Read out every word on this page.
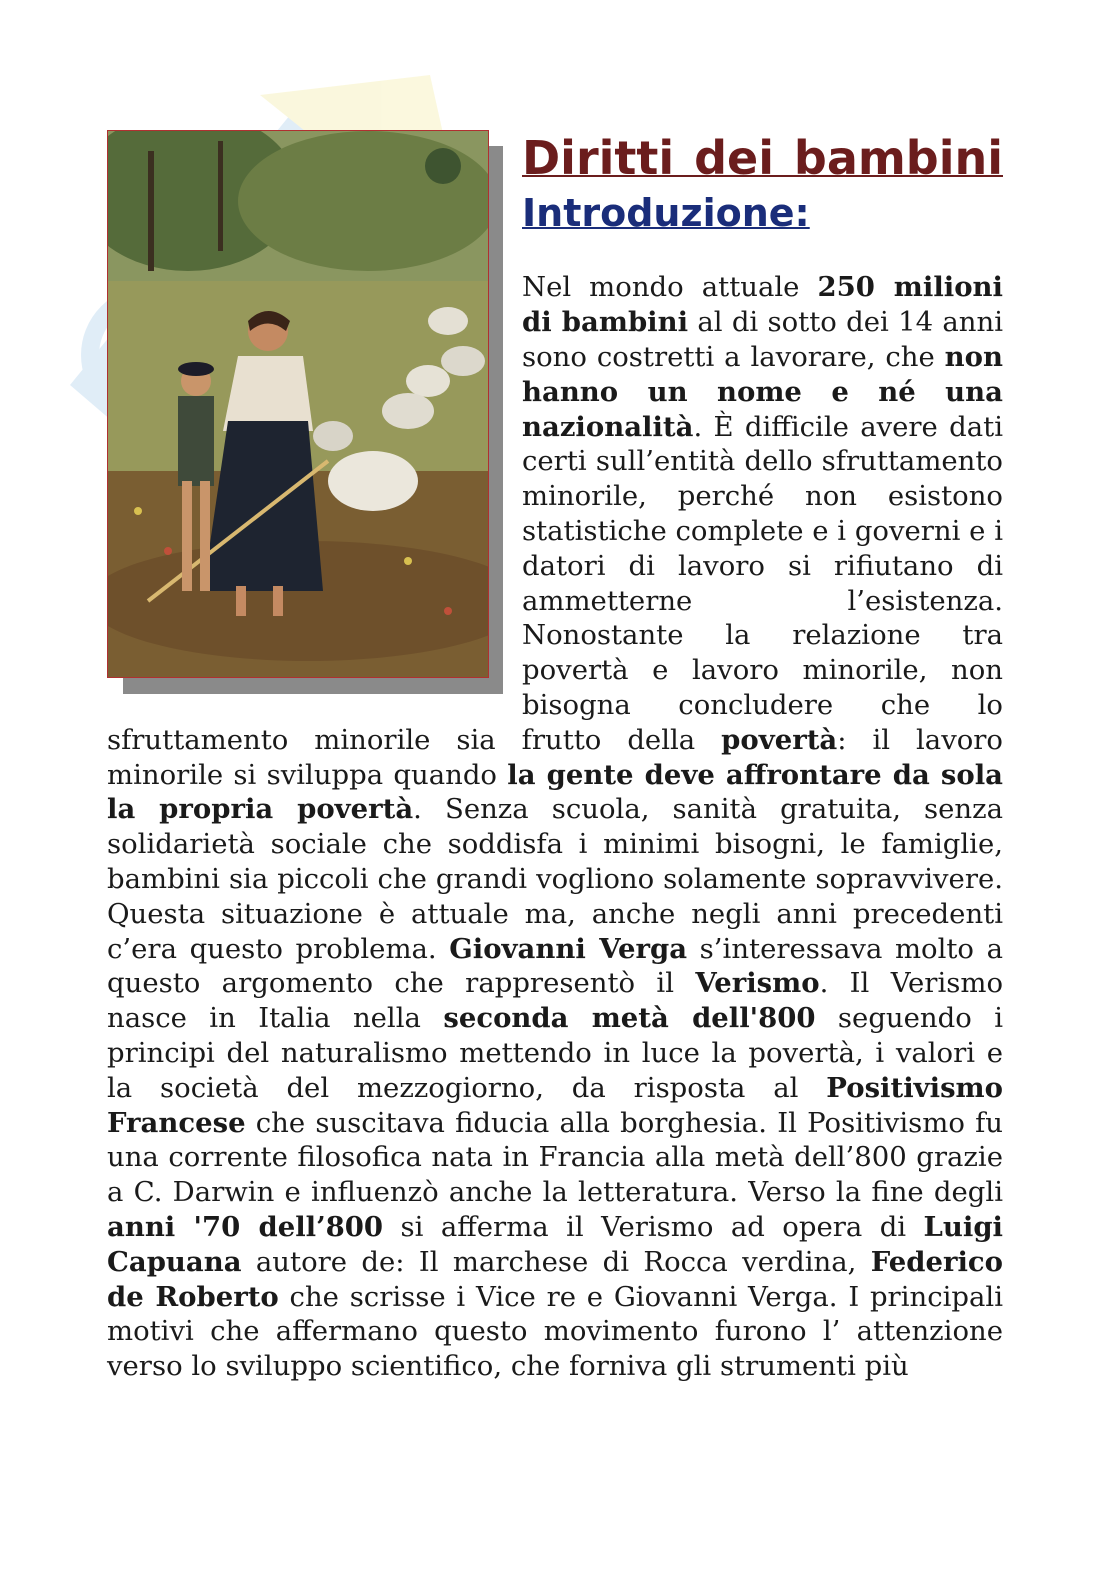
Diritti dei bambini
Introduzione:

Nel mondo attuale 250 milioni di bambini al di sotto dei 14 anni sono costretti a lavorare, che non hanno un nome e né una nazionalità. È difficile avere dati certi sull’entità dello sfruttamento minorile, perché non esistono statistiche complete e i governi e i datori di lavoro si rifiutano di ammetterne l’esistenza. Nonostante la relazione tra povertà e lavoro minorile, non bisogna concludere che lo sfruttamento minorile sia frutto della povertà: il lavoro minorile si sviluppa quando la gente deve affrontare da sola la propria povertà. Senza scuola, sanità gratuita, senza solidarietà sociale che soddisfa i minimi bisogni, le famiglie, bambini sia piccoli che grandi vogliono solamente sopravvivere. Questa situazione è attuale ma, anche negli anni precedenti c’era questo problema. Giovanni Verga s’interessava molto a questo argomento che rappresentò il Verismo. Il Verismo nasce in Italia nella seconda metà dell'800 seguendo i principi del naturalismo mettendo in luce la povertà, i valori e la società del mezzogiorno, da risposta al Positivismo Francese che suscitava fiducia alla borghesia. Il Positivismo fu una corrente filosofica nata in Francia alla metà dell’800 grazie a C. Darwin e influenzò anche la letteratura. Verso la fine degli anni '70 dell’800 si afferma il Verismo ad opera di Luigi Capuana autore de: Il marchese di Rocca verdina, Federico de Roberto che scrisse i Vice re e Giovanni Verga. I principali motivi che affermano questo movimento furono l’ attenzione verso lo sviluppo scientifico, che forniva gli strumenti più
